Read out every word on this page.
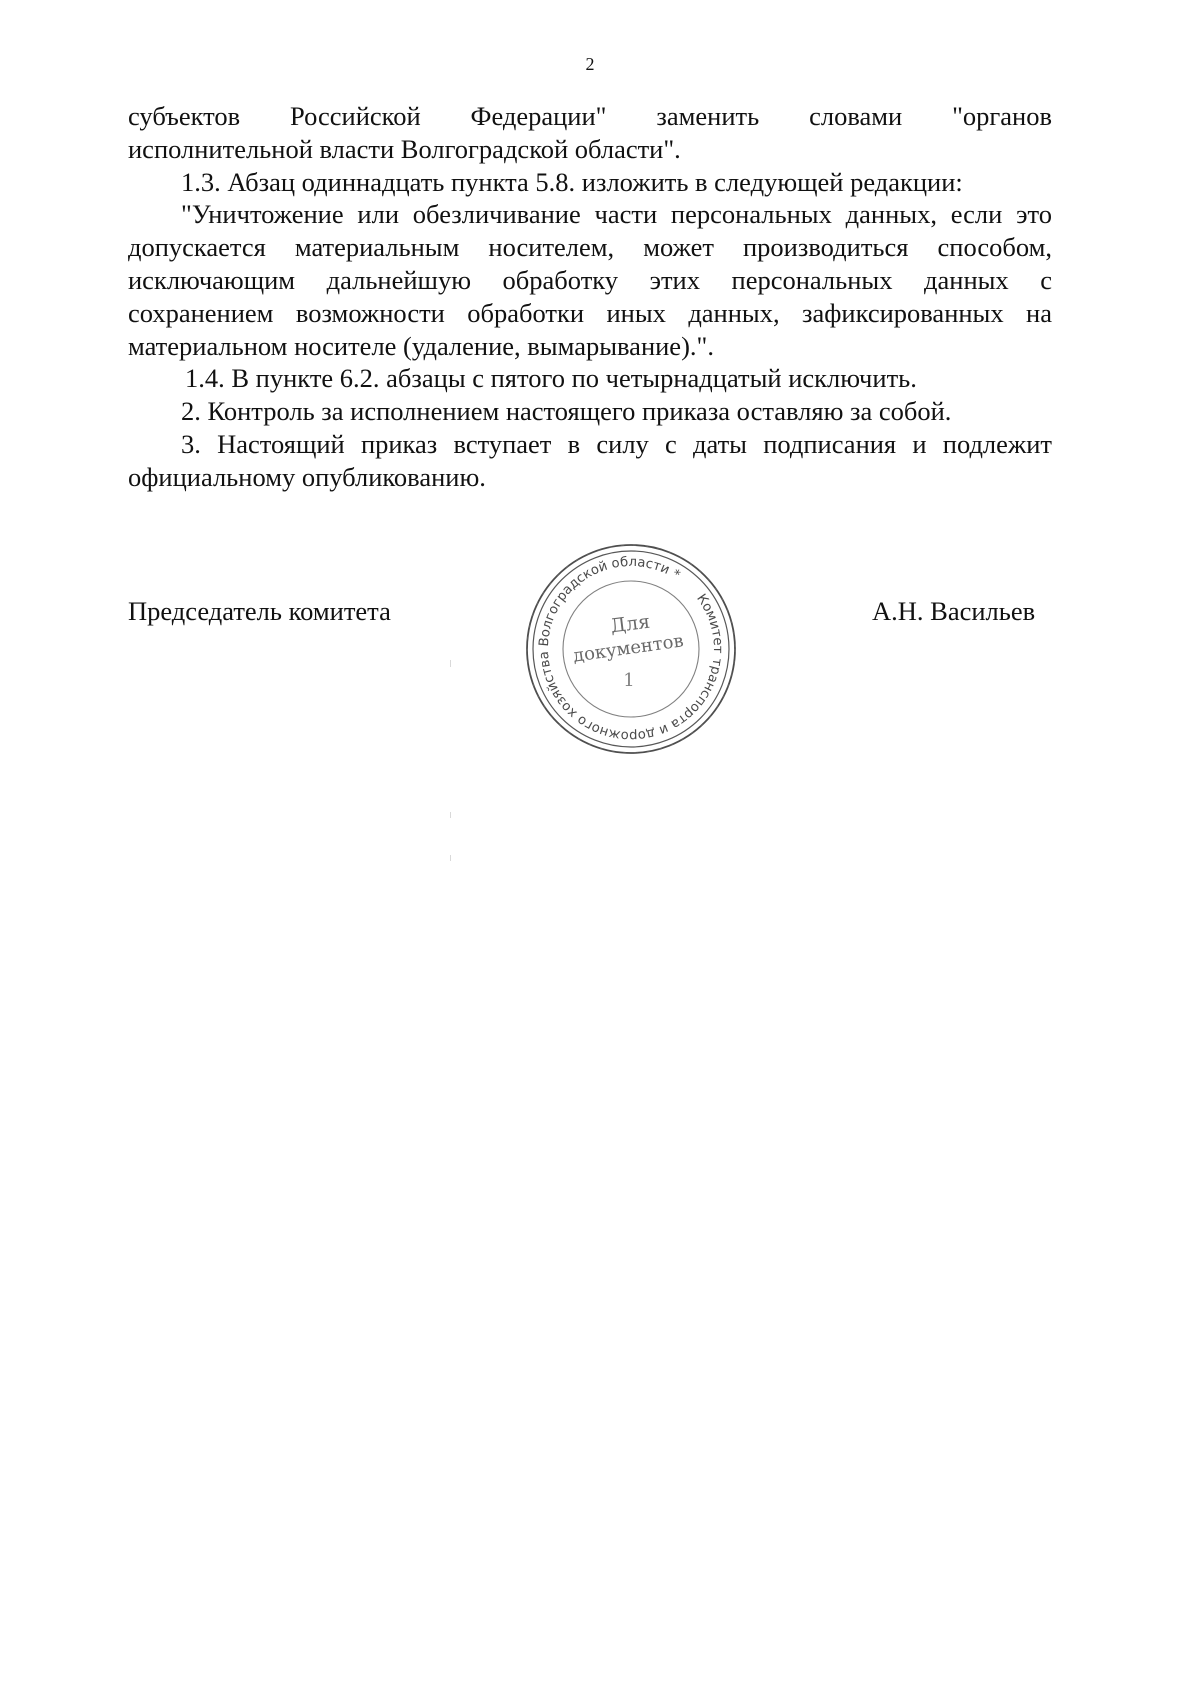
2

субъектов Российской Федерации" заменить словами "органов

исполнительной власти Волгоградской области".

1.3. Абзац одиннадцать пункта 5.8. изложить в следующей редакции:

"Уничтожение или обезличивание части персональных данных, если это допускается материальным носителем, может производиться способом, исключающим дальнейшую обработку этих персональных данных с сохранением возможности обработки иных данных, зафиксированных на материальном носителе (удаление, вымарывание).".

1.4. В пункте 6.2. абзацы с пятого по четырнадцатый исключить.

2. Контроль за исполнением настоящего приказа оставляю за собой.

3. Настоящий приказ вступает в силу с даты подписания и подлежит официальному опубликованию.

Председатель комитета	А.Н. Васильев
Комитет транспорта и дорожного хозяйства Волгоградской области *
Для
документов
1
